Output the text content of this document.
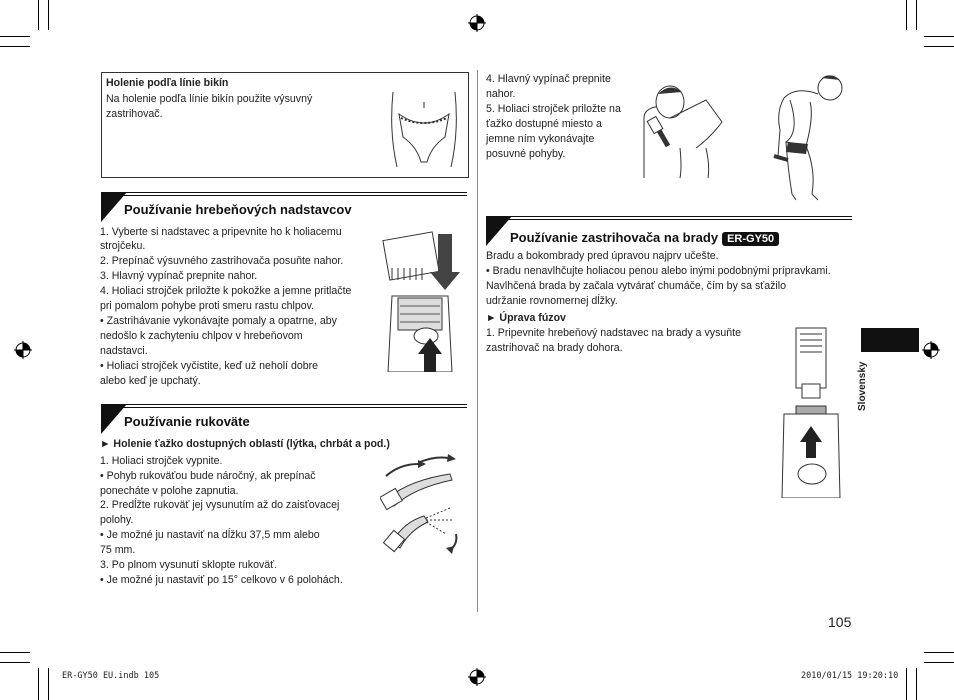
Holenie podľa línie bikín
Na holenie podľa línie bikín použite výsuvný
zastrihovač.
Používanie hrebeňových nadstavcov
1. Vyberte si nadstavec a pripevnite ho k holiacemu
strojčeku.
2. Prepínač výsuvného zastrihovača posuňte nahor.
3. Hlavný vypínač prepnite nahor.
4. Holiaci strojček priložte k pokožke a jemne pritlačte
pri pomalom pohybe proti smeru rastu chlpov.
• Zastrihávanie vykonávajte pomaly a opatrne, aby
nedošlo k zachyteniu chlpov v hrebeňovom
nadstavci.
• Holiaci strojček vyčistite, keď už neholí dobre
alebo keď je upchatý.
Používanie rukoväte
► Holenie ťažko dostupných oblastí (lýtka, chrbát a pod.)
1. Holiaci strojček vypnite.
• Pohyb rukoväťou bude náročný, ak prepínač
ponecháte v polohe zapnutia.
2. Predĺžte rukoväť jej vysunutím až do zaisťovacej
polohy.
• Je možné ju nastaviť na dĺžku 37,5 mm alebo
75 mm.
3. Po plnom vysunutí sklopte rukoväť.
• Je možné ju nastaviť po 15° celkovo v 6 polohách.
4. Hlavný vypínač prepnite
nahor.
5. Holiaci strojček priložte na
ťažko dostupné miesto a
jemne ním vykonávajte
posuvné pohyby.
Používanie zastrihovača na brady ER-GY50
Bradu a bokombrady pred úpravou najprv učešte.
• Bradu nenavlhčujte holiacou penou alebo inými podobnými prípravkami.
Navlhčená brada by začala vytvárať chumáče, čím by sa sťažilo
udržanie rovnomernej dĺžky.
► Úprava fúzov
1. Pripevnite hrebeňový nadstavec na brady a vysuňte
zastrihovač na brady dohora.
Slovensky
105
ER-GY50 EU.indb 105	2010/01/15 19:20:10
